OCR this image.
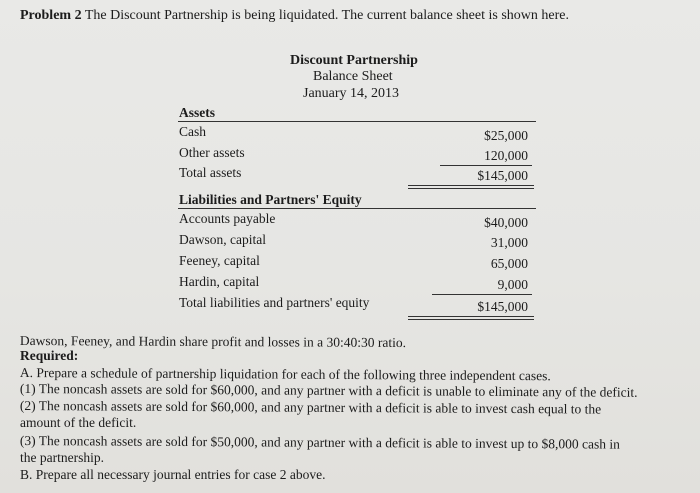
Problem 2 The Discount Partnership is being liquidated. The current balance sheet is shown here.
Discount Partnership
Balance Sheet
January 14, 2013
Assets
Cash	$25,000
Other assets	120,000
Total assets	$145,000
Liabilities and Partners' Equity
Accounts payable	$40,000
Dawson, capital	31,000
Feeney, capital	65,000
Hardin, capital	9,000
Total liabilities and partners' equity	$145,000
Dawson, Feeney, and Hardin share profit and losses in a 30:40:30 ratio.
Required:
A. Prepare a schedule of partnership liquidation for each of the following three independent cases.
(1) The noncash assets are sold for $60,000, and any partner with a deficit is unable to eliminate any of the deficit.
(2) The noncash assets are sold for $60,000, and any partner with a deficit is able to invest cash equal to the
amount of the deficit.
(3) The noncash assets are sold for $50,000, and any partner with a deficit is able to invest up to $8,000 cash in
the partnership.
B. Prepare all necessary journal entries for case 2 above.
